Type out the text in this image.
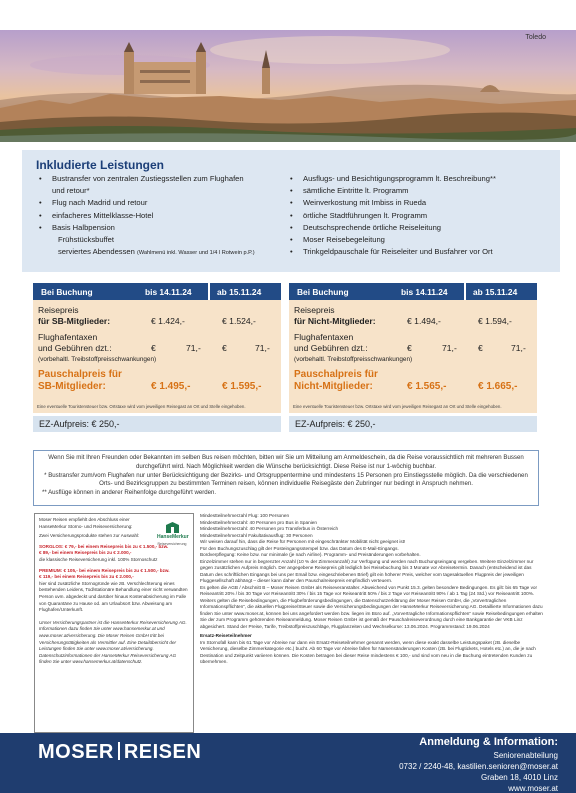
Toledo
Inkludierte Leistungen
• Bustransfer von zentralen Zustiegsstellen zum Flughafen
und retour*
• Flug nach Madrid und retour
• einfacheres Mittelklasse-Hotel
• Basis Halbpension
Frühstücksbuffet
serviertes Abendessen (Wahlmenü inkl. Wasser und 1/4 l Rotwein p.P.)
• Ausflugs- und Besichtigungsprogramm lt. Beschreibung**
• sämtliche Eintritte lt. Programm
• Weinverkostung mit Imbiss in Rueda
• örtliche Stadtführungen lt. Programm
• Deutschsprechende örtliche Reiseleitung
• Moser Reisebegeleitung
• Trinkgeldpauschale für Reiseleiter und Busfahrer vor Ort
Bei Buchung	bis 14.11.24	ab 15.11.24
Reisepreis
für SB-Mitglieder:	€ 1.424,-	€ 1.524,-
Flughafentaxen
und Gebühren dzt.:	€	71,- €	71,-
(vorbehaltl. Treibstoffpreisschwankungen)
Pauschalpreis für
SB-Mitglieder:	€ 1.495,-	€ 1.595,-
Eine eventuelle Touristensteuer bzw. Ortstaxe wird vom jeweiligen Reisegast an Ort und Stelle eingehoben.
EZ-Aufpreis: € 250,-
Bei Buchung	bis 14.11.24	ab 15.11.24
Reisepreis
für Nicht-Mitglieder:	€ 1.494,-	€ 1.594,-
Flughafentaxen
und Gebühren dzt.:	€	71,- €	71,-
(vorbehaltl. Treibstoffpreisschwankungen)
Pauschalpreis für
Nicht-Mitglieder:	€ 1.565,-	€ 1.665,-
Eine eventuelle Touristensteuer bzw. Ortstaxe wird vom jeweiligen Reisegast an Ort und Stelle eingehoben.
EZ-Aufpreis: € 250,-

Wenn Sie mit Ihren Freunden oder Bekannten im selben Bus reisen möchten, bitten wir Sie um Mitteilung am Anmeldeschein, da die Reise voraussichtlich mit mehreren Bussen durchgeführt wird. Nach Möglichkeit werden die Wünsche berücksichtigt. Diese Reise ist nur 1-wöchig buchbar.

* Bustransfer zum/vom Flughafen nur unter Berücksichtigung der Bezirks- und Ortsgruppentermine und mindestens 15 Personen pro Einstiegsstelle möglich. Da die verschiedenen Orts- und Bezirksgruppen zu bestimmten Terminen reisen, können individuelle Reisegäste den Zubringer nur bedingt in Anspruch nehmen.

** Ausflüge können in anderer Reihenfolge durchgeführt werden.

HanseMerkur
Reiseversicherung
Moser Reisen empfiehlt den Abschluss einer HanseMerkur Storno- und Reiseversicherung:
Zwei Versicherungsprodukte stehen zur Auswahl:
SORGLOS: € 79,- bei einem Reisepreis bis zu € 1.500,- bzw.
€ 89,- bei einem Reisepreis bis zu € 2.000,-
die klassische Reiseversicherung inkl. 100% Stornoschutz
PREMIUM: € 105,- bei einem Reisepreis bis zu € 1.500,- bzw.
€ 119,- bei einem Reisepreis bis zu € 2.000,-
hier sind zusätzliche Stornogründe wie zB. Verschlechterung eines bestehenden Leidens, Tod/stationäre Behandlung einer nicht verwandten Person uvm. abgedeckt und darüber hinaus Kostenabsicherung im Falle von Quarantäne zu Hause od. am Urlaubsort bzw. Abweisung am Flughafen/Unterkunft.
Unser Versicherungspartner ist die HanseMerkur Reiseversicherung AG. Informationen dazu finden Sie unter www.hansemerkur.at und www.moser.at/versicherung. Die Moser Reisen GmbH tritt bei Versicherungstätigkeiten als Vermittler auf. Eine Detailübersicht der Leistungen finden Sie unter www.moser.at/versicherung. Datenschutzinformationen der HanseMerkur Reiseversicherung AG finden Sie unter www.hansemerkur.at/datenschutz.
Mindestteilnehmerzahl Flug: 100 Personen
Mindestteilnehmerzahl: 40 Personen pro Bus in Spanien
Mindestteilnehmerzahl: 40 Personen pro Transferbus in Österreich
Mindestteilnehmerzahl Fakultativausflug: 30 Personen
Wir weisen darauf hin, dass die Reise für Personen mit eingeschränkter Mobilität nicht geeignet ist!
Für den Buchungszuschlag gilt der Posteingangsstempel bzw. das Datum des E-Mail-Eingangs.
Bordverpflegung: Keine bzw. nur minimale (je nach Airline). Programm- und Preisänderungen vorbehalten.
Einzelzimmer stehen nur in begrenzter Anzahl (10 % der Zimmeranzahl) zur Verfügung und werden nach Buchungseingang vergeben. Weitere Einzelzimmer nur gegen zusätzlichen Aufpreis möglich. Der angegebene Reisepreis gilt lediglich bei Reisebuchung bis 3 Monate vor Abreisetermin. Danach (entscheidend ist das Datum des schriftlichen Eingangs bei uns per Email bzw. eingeschriebenen Brief) gilt ein höherer Preis, welcher vom tagesaktuellen Flugpreis der jeweiligen Fluggesellschaft abhängt – dieser kann daher den Pauschalreisepreis empfindlich verteuern.
Es gelten die AGB / Abschnitt B – Moser Reisen GmbH als Reiseveranstalter. Abweichend von Punkt 15.3. gelten besondere Bedingungen. Es gilt: bis 65 Tage vor Reiseantritt 20% / bis 30 Tage vor Reiseantritt 30% / bis 15 Tage vor Reiseantritt 50% / bis 2 Tage vor Reiseantritt 90% / ab 1 Tag (24 Std.) vor Reiseantritt 100%. Weiters gelten die Reisebedingungen, die Flugbeförderungsbedingungen, die Datenschutzerklärung der Moser Reisen GmbH, die „Vorvertraglichen Informationspflichten“, die aktuellen Flugpreise/Steuer sowie die Versicherungsbedingungen der HanseMerkur Reiseversicherung AG. Detaillierte Informationen dazu finden Sie unter www.moser.at, können bei uns angefordert werden bzw. liegen im Büro auf. „Vorvertragliche Informationspflichten“ sowie Reisebedingungen erhalten Sie der zum Programm gehörenden Reiseanmeldung. Moser Reisen GmbH ist gemäß der Pauschalreiseverordnung durch eine Bankgarantie der VKB Linz abgesichert. Stand der Preise, Tarife, Treibstoffpreiszuschläge, Flugplanzeiten und Wechselkurse: 13.06.2024. Programmstand: 19.06.2024
Ersatz-Reiseteilnehmer
Im Stornofall kann bis 61 Tage vor Abreise nur dann ein Ersatz-Reiseteilnehmer genannt werden, wenn diese exakt dasselbe Leistungspaket (zB. dieselbe Versicherung, dieselbe Zimmerkategorie etc.) bucht. Ab 60 Tage vor Abreise fallen für Namensänderungen Kosten (zB. bei Flugtickets, Hotels etc.) an, die je nach Destination und Zeitpunkt variieren können. Die Kosten betragen bei dieser Reise mindestens € 100,- und sind vom neu in die Buchung eintretenden Kunden zu übernehmen.
MOSER REISEN	Anmeldung & Information:
Seniorenabteilung
0732 / 2240-48, kastilien.senioren@moser.at
Graben 18, 4010 Linz
www.moser.at
